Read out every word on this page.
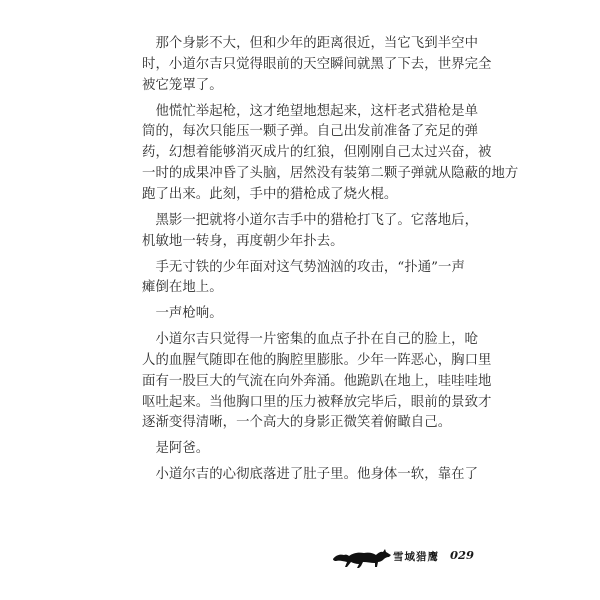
　那个身影不大，但和少年的距离很近，当它飞到半空中
时，小道尔吉只觉得眼前的天空瞬间就黑了下去，世界完全
被它笼罩了。
　他慌忙举起枪，这才绝望地想起来，这杆老式猎枪是单
筒的，每次只能压一颗子弹。自己出发前准备了充足的弹
药，幻想着能够消灭成片的红狼，但刚刚自己太过兴奋，被
一时的成果冲昏了头脑，居然没有装第二颗子弹就从隐蔽的地方
跑了出来。此刻，手中的猎枪成了烧火棍。
　黑影一把就将小道尔吉手中的猎枪打飞了。它落地后，
机敏地一转身，再度朝少年扑去。
　手无寸铁的少年面对这气势汹汹的攻击，“扑通”一声
瘫倒在地上。
　一声枪响。
　小道尔吉只觉得一片密集的血点子扑在自己的脸上，呛
人的血腥气随即在他的胸腔里膨胀。少年一阵恶心，胸口里
面有一股巨大的气流在向外奔涌。他跪趴在地上，哇哇哇地
呕吐起来。当他胸口里的压力被释放完毕后，眼前的景致才
逐渐变得清晰，一个高大的身影正微笑着俯瞰自己。
　是阿爸。
　小道尔吉的心彻底落进了肚子里。他身体一软，靠在了
雪域猎鹰 029
